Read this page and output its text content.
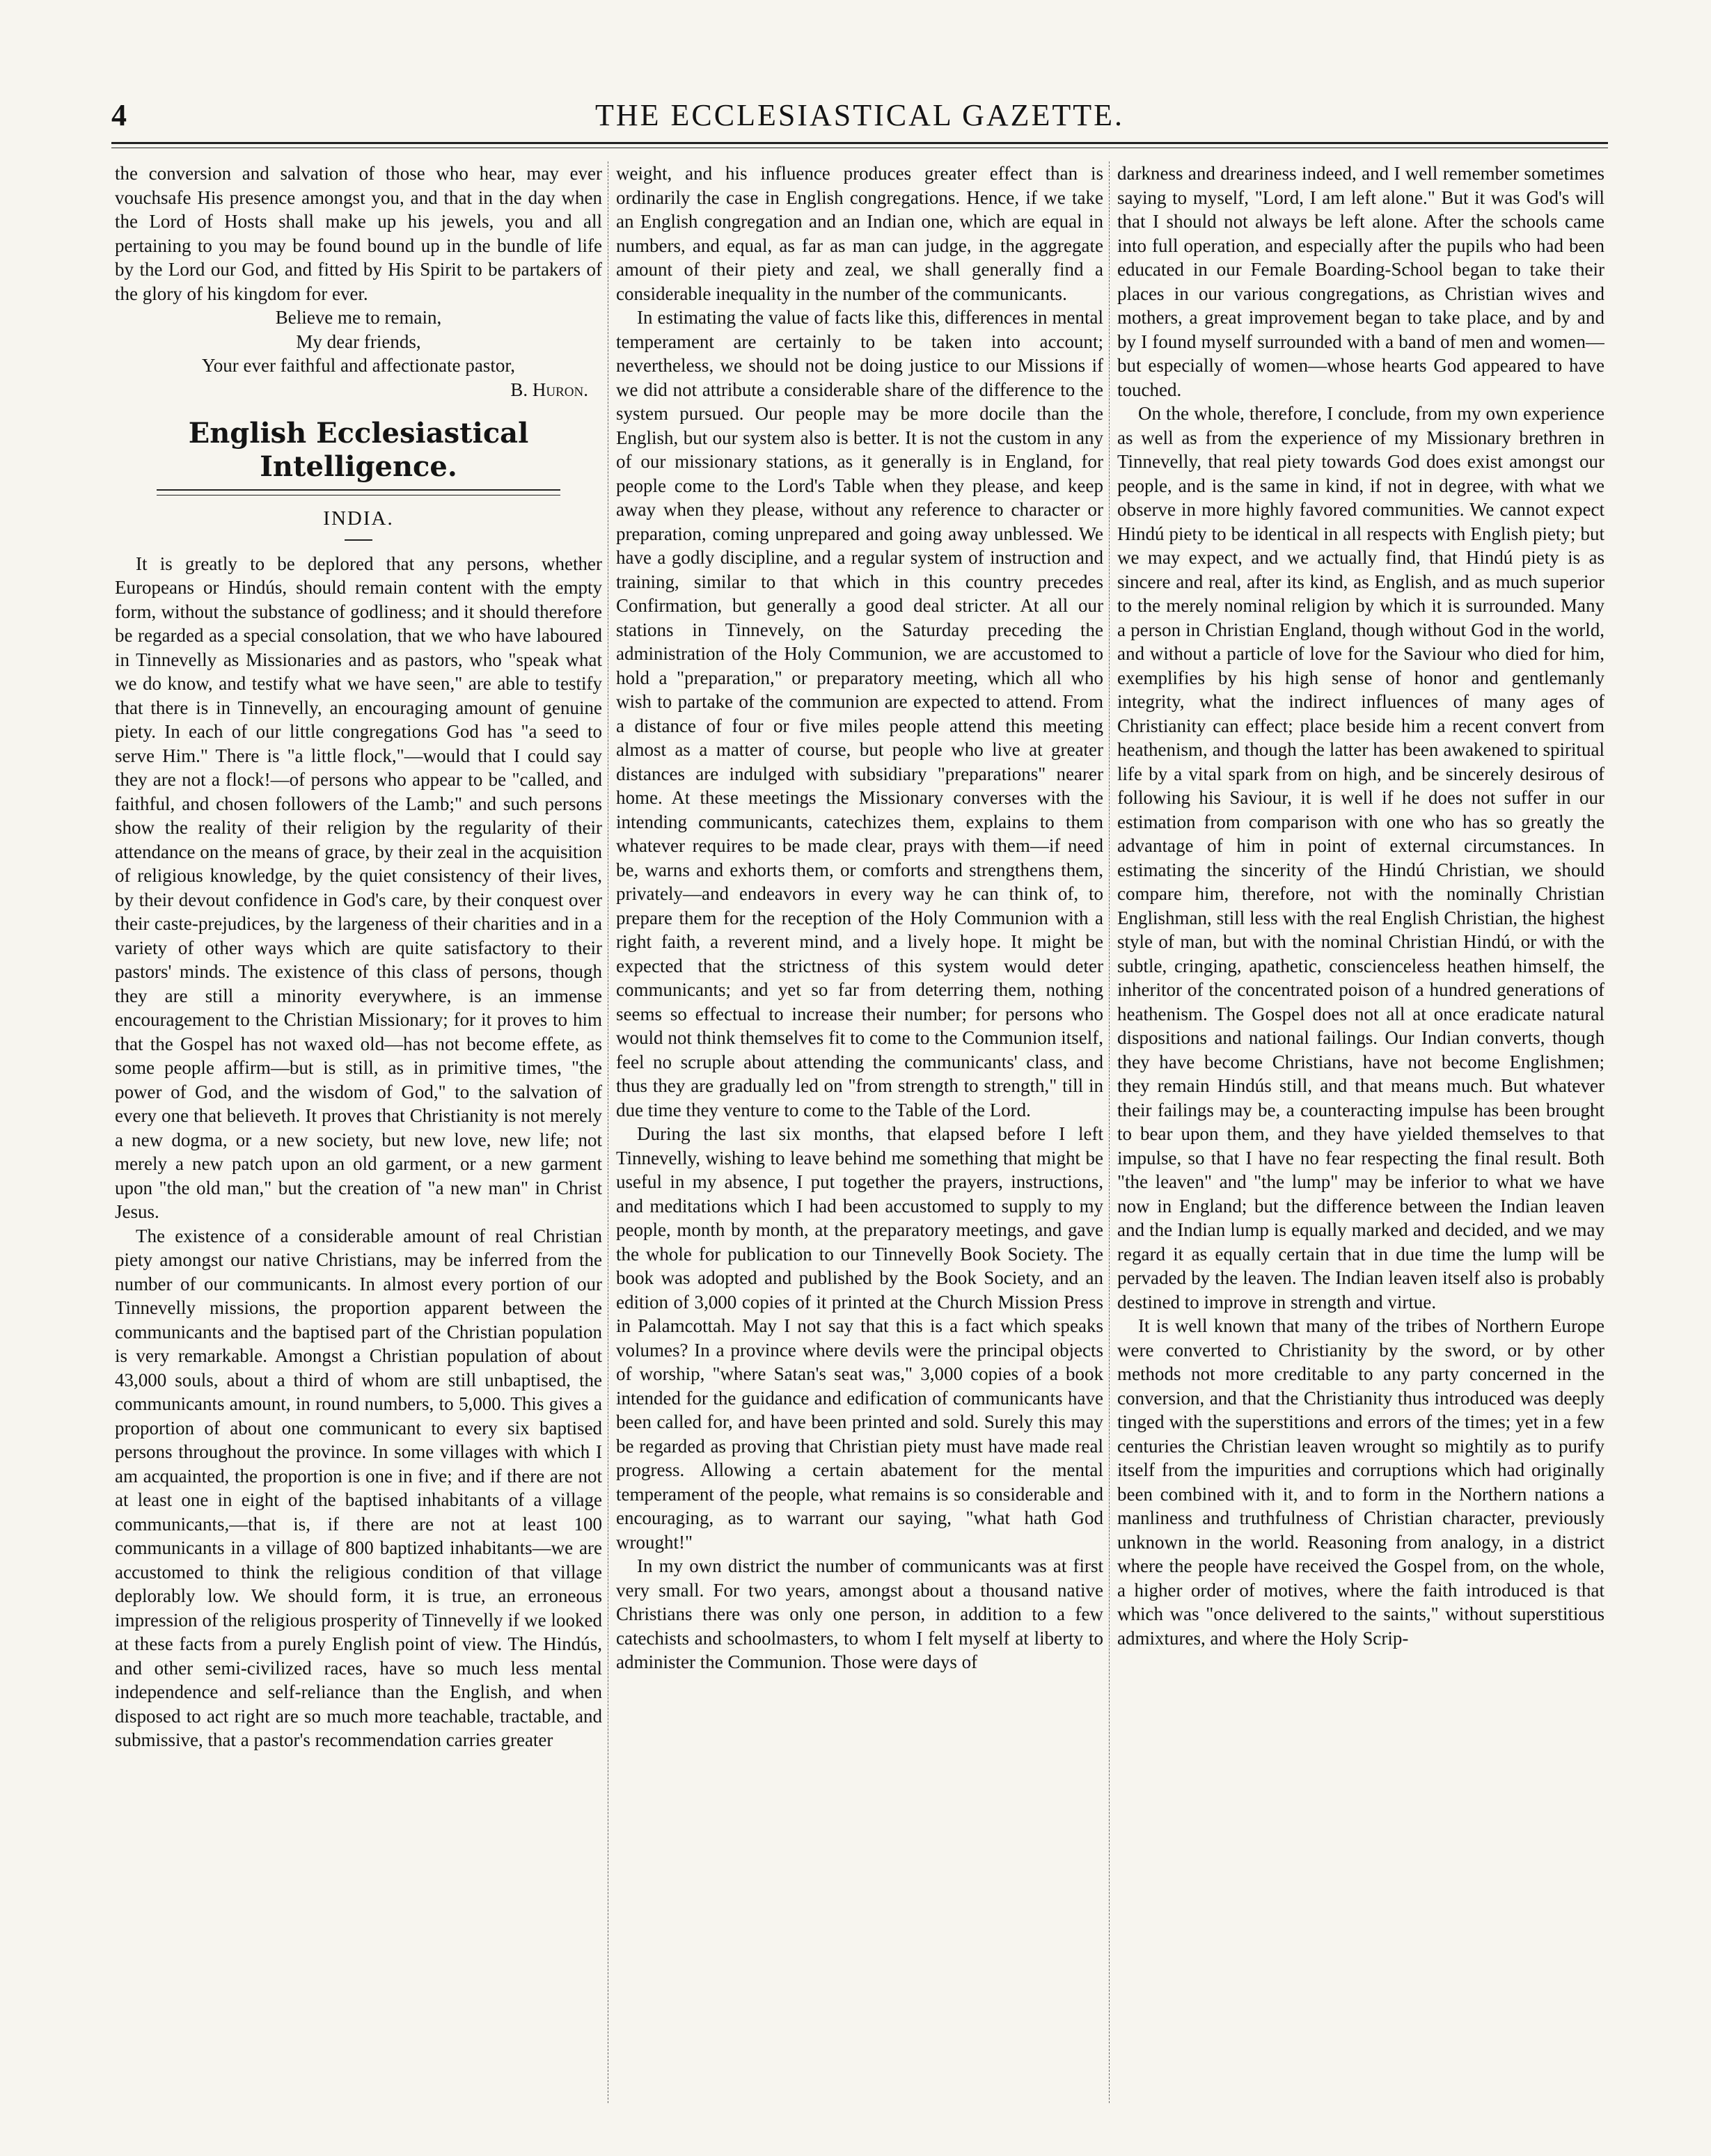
4	THE ECCLESIASTICAL GAZETTE.

the conversion and salvation of those who hear, may ever vouchsafe His presence amongst you, and that in the day when the Lord of Hosts shall make up his jewels, you and all pertaining to you may be found bound up in the bundle of life by the Lord our God, and fitted by His Spirit to be partakers of the glory of his kingdom for ever.

Believe me to remain,

My dear friends,

Your ever faithful and affectionate pastor,

B. Huron.

English Ecclesiastical Intelligence.
INDIA.

It is greatly to be deplored that any persons, whether Europeans or Hindús, should remain content with the empty form, without the substance of godliness; and it should therefore be regarded as a special consolation, that we who have laboured in Tinnevelly as Missionaries and as pastors, who "speak what we do know, and testify what we have seen," are able to testify that there is in Tinnevelly, an encouraging amount of genuine piety. In each of our little congregations God has "a seed to serve Him." There is "a little flock,"—would that I could say they are not a flock!—of persons who appear to be "called, and faithful, and chosen followers of the Lamb;" and such persons show the reality of their religion by the regularity of their attendance on the means of grace, by their zeal in the acquisition of religious knowledge, by the quiet consistency of their lives, by their devout confidence in God's care, by their conquest over their caste-prejudices, by the largeness of their charities and in a variety of other ways which are quite satisfactory to their pastors' minds. The existence of this class of persons, though they are still a minority everywhere, is an immense encouragement to the Christian Missionary; for it proves to him that the Gospel has not waxed old—has not become effete, as some people affirm—but is still, as in primitive times, "the power of God, and the wisdom of God," to the salvation of every one that believeth. It proves that Christianity is not merely a new dogma, or a new society, but new love, new life; not merely a new patch upon an old garment, or a new garment upon "the old man," but the creation of "a new man" in Christ Jesus.

The existence of a considerable amount of real Christian piety amongst our native Christians, may be inferred from the number of our communicants. In almost every portion of our Tinnevelly missions, the proportion apparent between the communicants and the baptised part of the Christian population is very remarkable. Amongst a Christian population of about 43,000 souls, about a third of whom are still unbaptised, the communicants amount, in round numbers, to 5,000. This gives a proportion of about one communicant to every six baptised persons throughout the province. In some villages with which I am acquainted, the proportion is one in five; and if there are not at least one in eight of the baptised inhabitants of a village communicants,—that is, if there are not at least 100 communicants in a village of 800 baptized inhabitants—we are accustomed to think the religious condition of that village deplorably low. We should form, it is true, an erroneous impression of the religious prosperity of Tinnevelly if we looked at these facts from a purely English point of view. The Hindús, and other semi-civilized races, have so much less mental independence and self-reliance than the English, and when disposed to act right are so much more teachable, tractable, and submissive, that a pastor's recommendation carries greater

weight, and his influence produces greater effect than is ordinarily the case in English congregations. Hence, if we take an English congregation and an Indian one, which are equal in numbers, and equal, as far as man can judge, in the aggregate amount of their piety and zeal, we shall generally find a considerable inequality in the number of the communicants.

In estimating the value of facts like this, differences in mental temperament are certainly to be taken into account; nevertheless, we should not be doing justice to our Missions if we did not attribute a considerable share of the difference to the system pursued. Our people may be more docile than the English, but our system also is better. It is not the custom in any of our missionary stations, as it generally is in England, for people come to the Lord's Table when they please, and keep away when they please, without any reference to character or preparation, coming unprepared and going away unblessed. We have a godly discipline, and a regular system of instruction and training, similar to that which in this country precedes Confirmation, but generally a good deal stricter. At all our stations in Tinnevely, on the Saturday preceding the administration of the Holy Communion, we are accustomed to hold a "preparation," or preparatory meeting, which all who wish to partake of the communion are expected to attend. From a distance of four or five miles people attend this meeting almost as a matter of course, but people who live at greater distances are indulged with subsidiary "preparations" nearer home. At these meetings the Missionary converses with the intending communicants, catechizes them, explains to them whatever requires to be made clear, prays with them—if need be, warns and exhorts them, or comforts and strengthens them, privately—and endeavors in every way he can think of, to prepare them for the reception of the Holy Communion with a right faith, a reverent mind, and a lively hope. It might be expected that the strictness of this system would deter communicants; and yet so far from deterring them, nothing seems so effectual to increase their number; for persons who would not think themselves fit to come to the Communion itself, feel no scruple about attending the communicants' class, and thus they are gradually led on "from strength to strength," till in due time they venture to come to the Table of the Lord.

During the last six months, that elapsed before I left Tinnevelly, wishing to leave behind me something that might be useful in my absence, I put together the prayers, instructions, and meditations which I had been accustomed to supply to my people, month by month, at the preparatory meetings, and gave the whole for publication to our Tinnevelly Book Society. The book was adopted and published by the Book Society, and an edition of 3,000 copies of it printed at the Church Mission Press in Palamcottah. May I not say that this is a fact which speaks volumes? In a province where devils were the principal objects of worship, "where Satan's seat was," 3,000 copies of a book intended for the guidance and edification of communicants have been called for, and have been printed and sold. Surely this may be regarded as proving that Christian piety must have made real progress. Allowing a certain abatement for the mental temperament of the people, what remains is so considerable and encouraging, as to warrant our saying, "what hath God wrought!"

In my own district the number of communicants was at first very small. For two years, amongst about a thousand native Christians there was only one person, in addition to a few catechists and schoolmasters, to whom I felt myself at liberty to administer the Communion. Those were days of

darkness and dreariness indeed, and I well remember sometimes saying to myself, "Lord, I am left alone." But it was God's will that I should not always be left alone. After the schools came into full operation, and especially after the pupils who had been educated in our Female Boarding-School began to take their places in our various congregations, as Christian wives and mothers, a great improvement began to take place, and by and by I found myself surrounded with a band of men and women—but especially of women—whose hearts God appeared to have touched.

On the whole, therefore, I conclude, from my own experience as well as from the experience of my Missionary brethren in Tinnevelly, that real piety towards God does exist amongst our people, and is the same in kind, if not in degree, with what we observe in more highly favored communities. We cannot expect Hindú piety to be identical in all respects with English piety; but we may expect, and we actually find, that Hindú piety is as sincere and real, after its kind, as English, and as much superior to the merely nominal religion by which it is surrounded. Many a person in Christian England, though without God in the world, and without a particle of love for the Saviour who died for him, exemplifies by his high sense of honor and gentlemanly integrity, what the indirect influences of many ages of Christianity can effect; place beside him a recent convert from heathenism, and though the latter has been awakened to spiritual life by a vital spark from on high, and be sincerely desirous of following his Saviour, it is well if he does not suffer in our estimation from comparison with one who has so greatly the advantage of him in point of external circumstances. In estimating the sincerity of the Hindú Christian, we should compare him, therefore, not with the nominally Christian Englishman, still less with the real English Christian, the highest style of man, but with the nominal Christian Hindú, or with the subtle, cringing, apathetic, conscienceless heathen himself, the inheritor of the concentrated poison of a hundred generations of heathenism. The Gospel does not all at once eradicate natural dispositions and national failings. Our Indian converts, though they have become Christians, have not become Englishmen; they remain Hindús still, and that means much. But whatever their failings may be, a counteracting impulse has been brought to bear upon them, and they have yielded themselves to that impulse, so that I have no fear respecting the final result. Both "the leaven" and "the lump" may be inferior to what we have now in England; but the difference between the Indian leaven and the Indian lump is equally marked and decided, and we may regard it as equally certain that in due time the lump will be pervaded by the leaven. The Indian leaven itself also is probably destined to improve in strength and virtue.

It is well known that many of the tribes of Northern Europe were converted to Christianity by the sword, or by other methods not more creditable to any party concerned in the conversion, and that the Christianity thus introduced was deeply tinged with the superstitions and errors of the times; yet in a few centuries the Christian leaven wrought so mightily as to purify itself from the impurities and corruptions which had originally been combined with it, and to form in the Northern nations a manliness and truthfulness of Christian character, previously unknown in the world. Reasoning from analogy, in a district where the people have received the Gospel from, on the whole, a higher order of motives, where the faith introduced is that which was "once delivered to the saints," without superstitious admixtures, and where the Holy Scrip-
